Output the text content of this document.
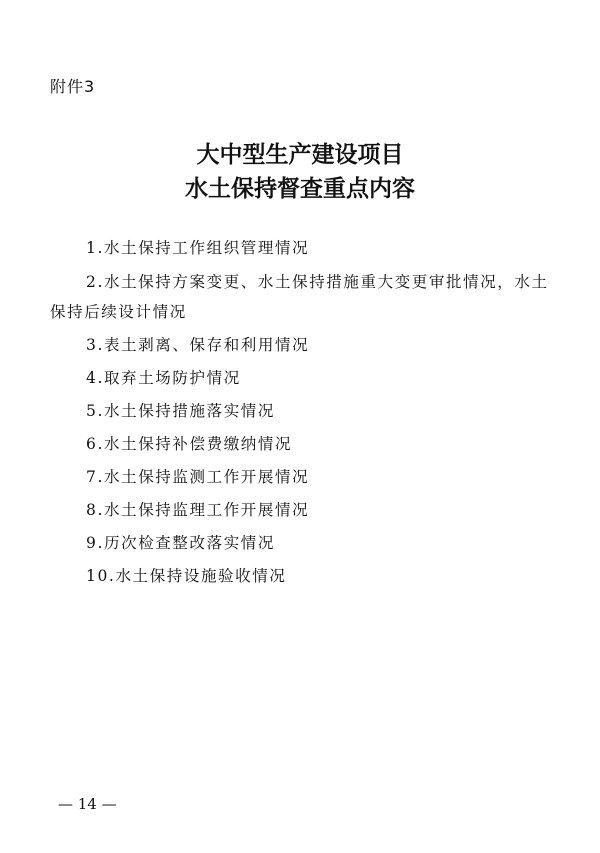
附件3
大中型生产建设项目
水土保持督查重点内容
1.水土保持工作组织管理情况
2.水土保持方案变更、水土保持措施重大变更审批情况，水土保持后续设计情况
3.表土剥离、保存和利用情况
4.取弃土场防护情况
5.水土保持措施落实情况
6.水土保持补偿费缴纳情况
7.水土保持监测工作开展情况
8.水土保持监理工作开展情况
9.历次检查整改落实情况
10.水土保持设施验收情况
— 14 —
